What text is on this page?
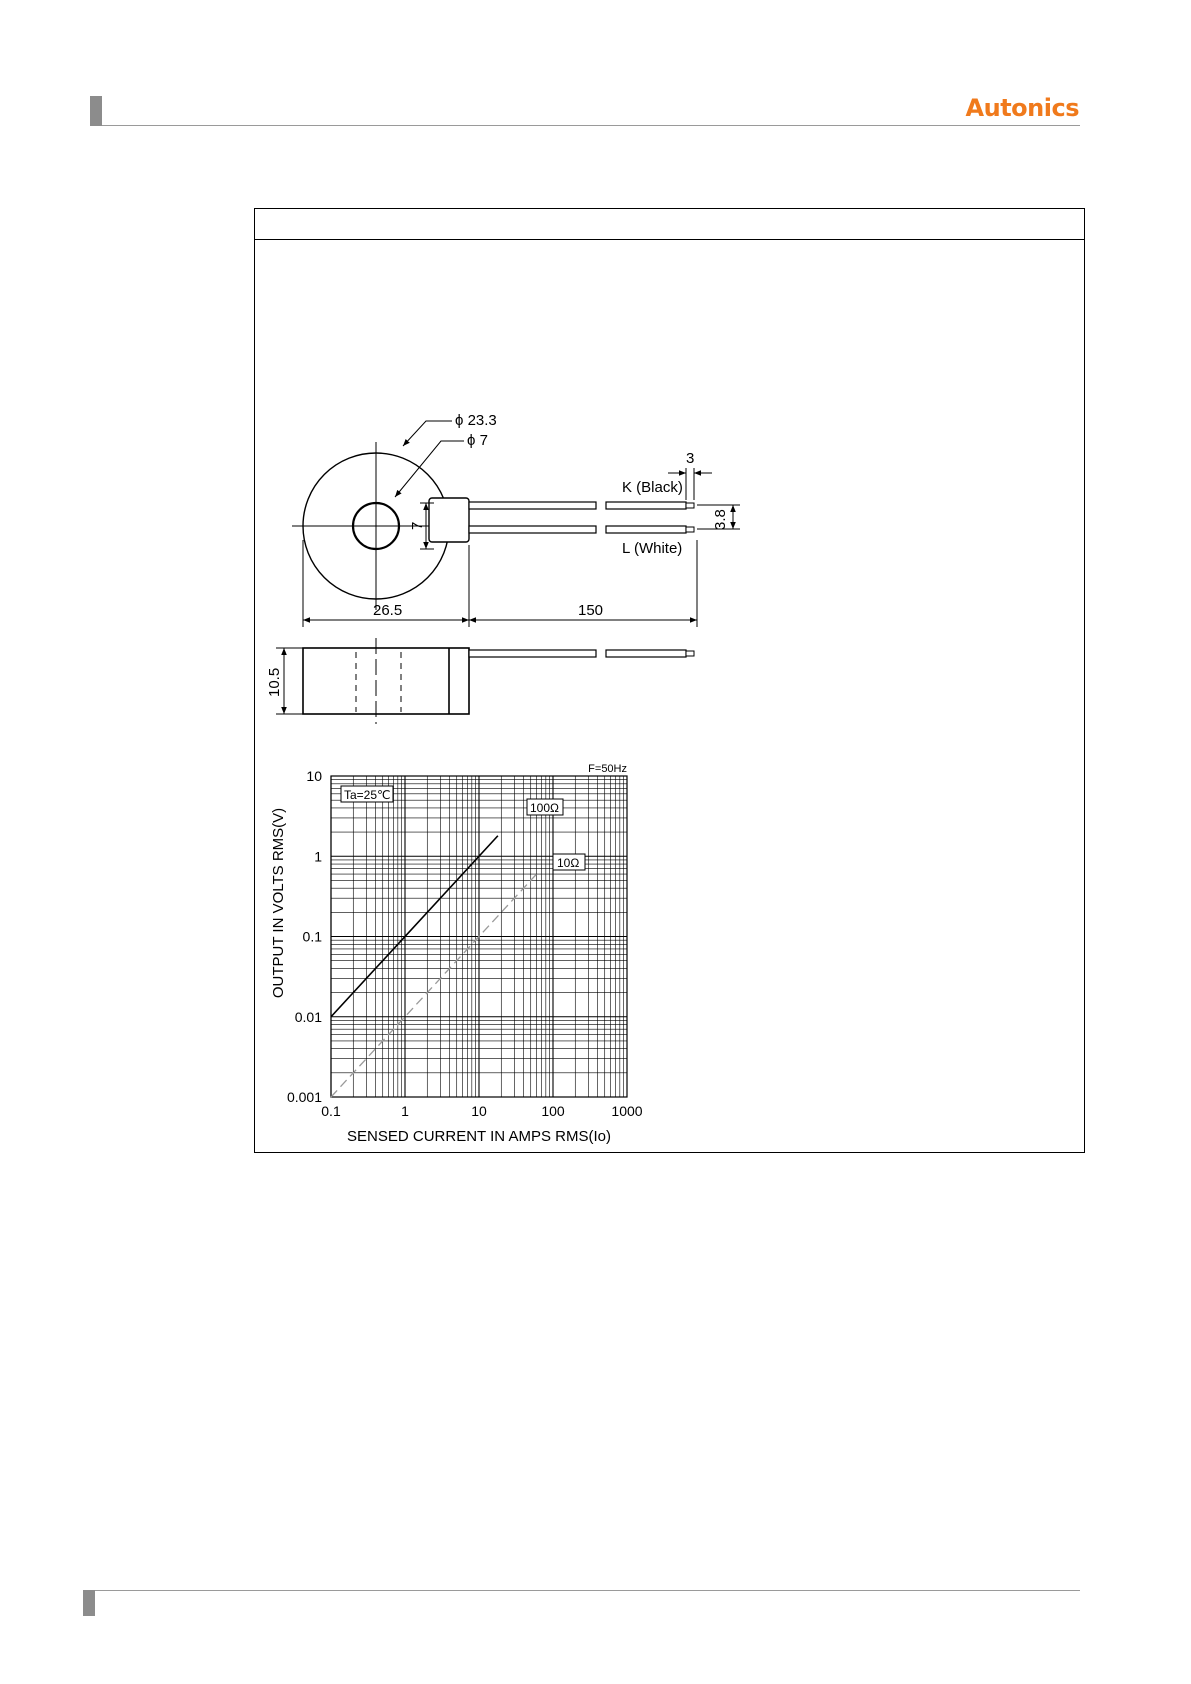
Autonics
ϕ 23.3
ϕ 7
3
3.8
K (Black)
L (White)
7
26.5	150
10.5
0.1	1	10	100	1000
10
1
0.1
0.01
0.001
Ta=25℃
F=50Hz
100Ω
10Ω
SENSED CURRENT IN AMPS RMS(Io)
OUTPUT IN VOLTS RMS(V)
